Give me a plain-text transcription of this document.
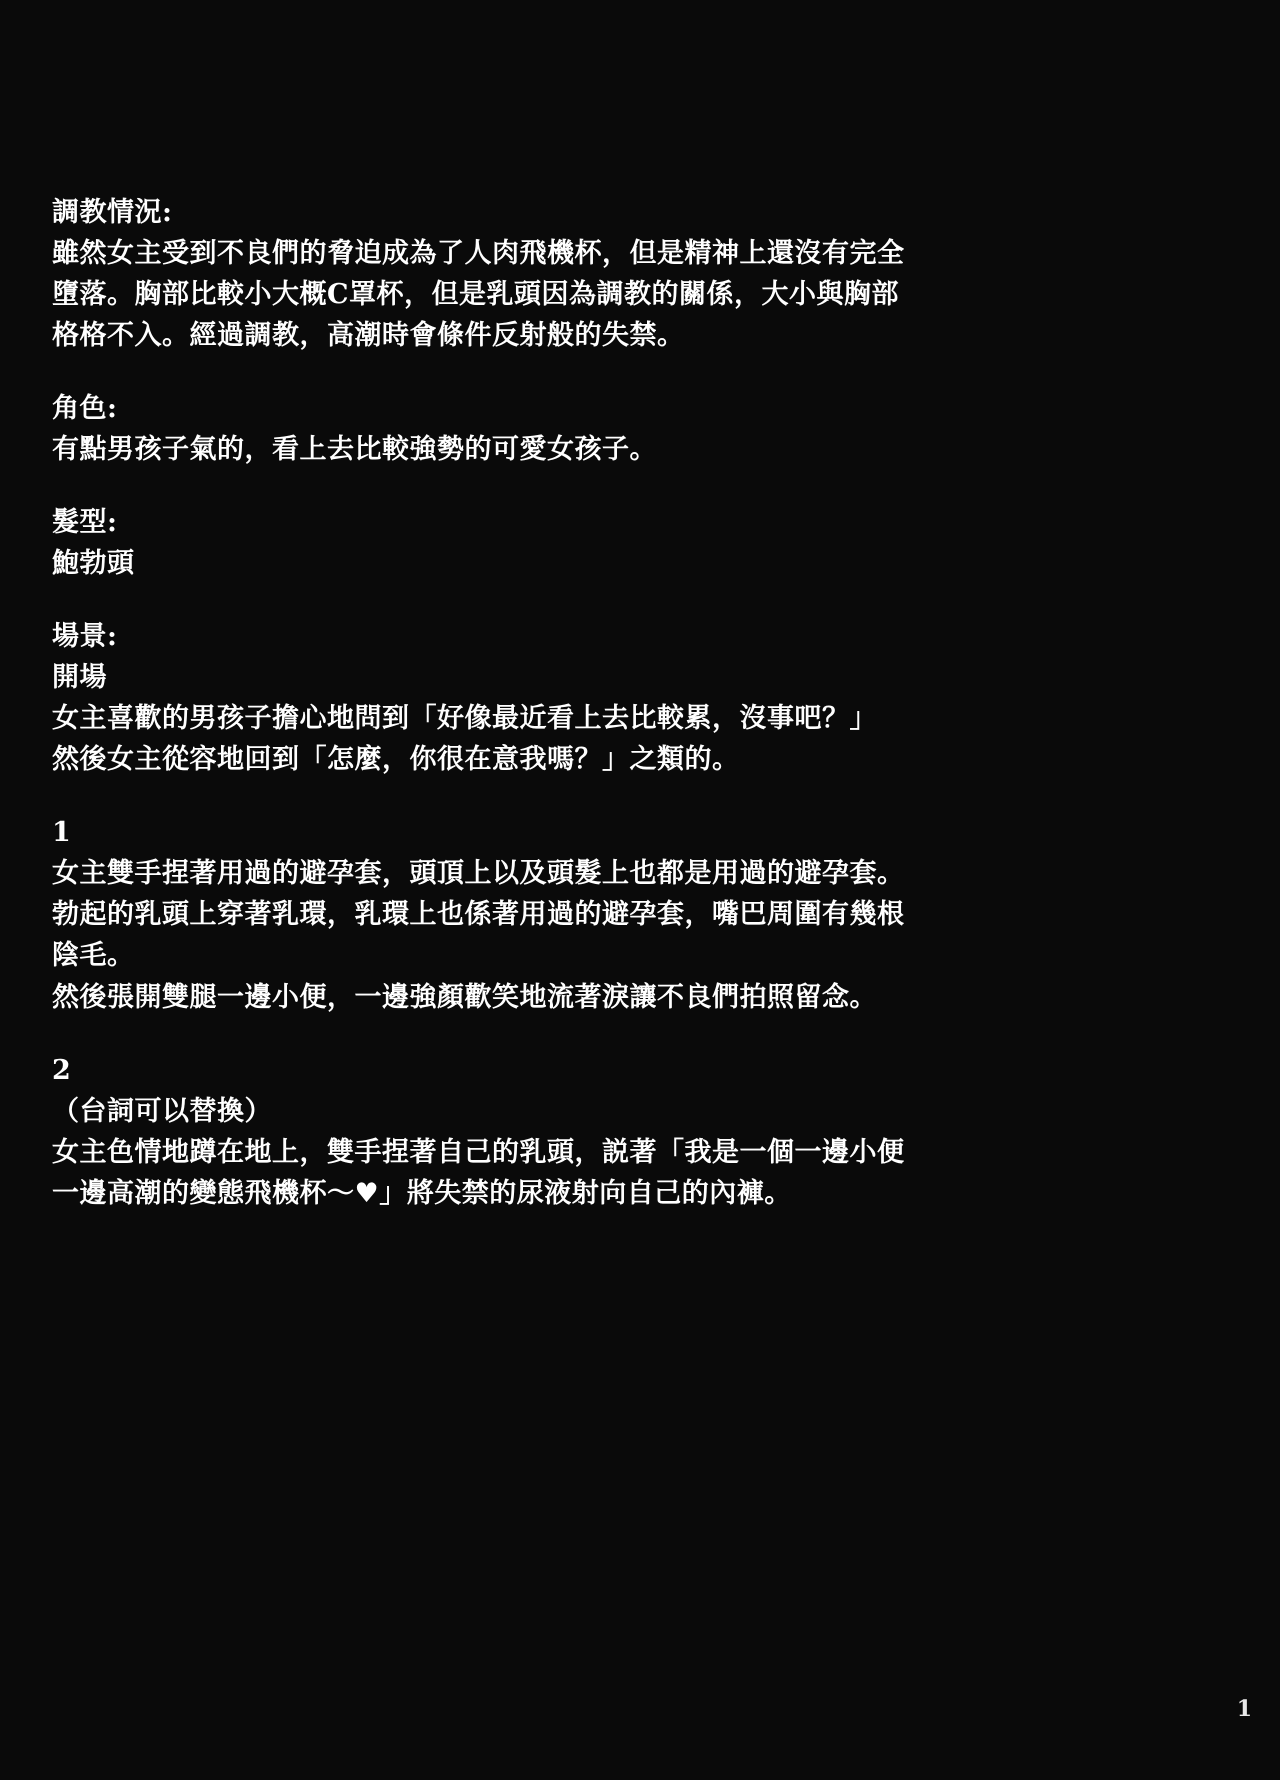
調教情況:
雖然女主受到不良們的脅迫成為了人肉飛機杯，但是精神上還沒有完全
墮落。胸部比較小大概C罩杯，但是乳頭因為調教的關係，大小與胸部
格格不入。經過調教，高潮時會條件反射般的失禁。
角色:
有點男孩子氣的，看上去比較強勢的可愛女孩子。
髮型:
鮑勃頭
場景:
開場
女主喜歡的男孩子擔心地問到「好像最近看上去比較累，沒事吧？」
然後女主從容地回到「怎麼，你很在意我嗎？」之類的。
1
女主雙手捏著用過的避孕套，頭頂上以及頭髮上也都是用過的避孕套。
勃起的乳頭上穿著乳環，乳環上也係著用過的避孕套，嘴巴周圍有幾根
陰毛。
然後張開雙腿一邊小便，一邊強顏歡笑地流著淚讓不良們拍照留念。
2
（台詞可以替換）
女主色情地蹲在地上，雙手捏著自己的乳頭，説著「我是一個一邊小便
一邊高潮的變態飛機杯～♥」將失禁的尿液射向自己的內褲。
1
